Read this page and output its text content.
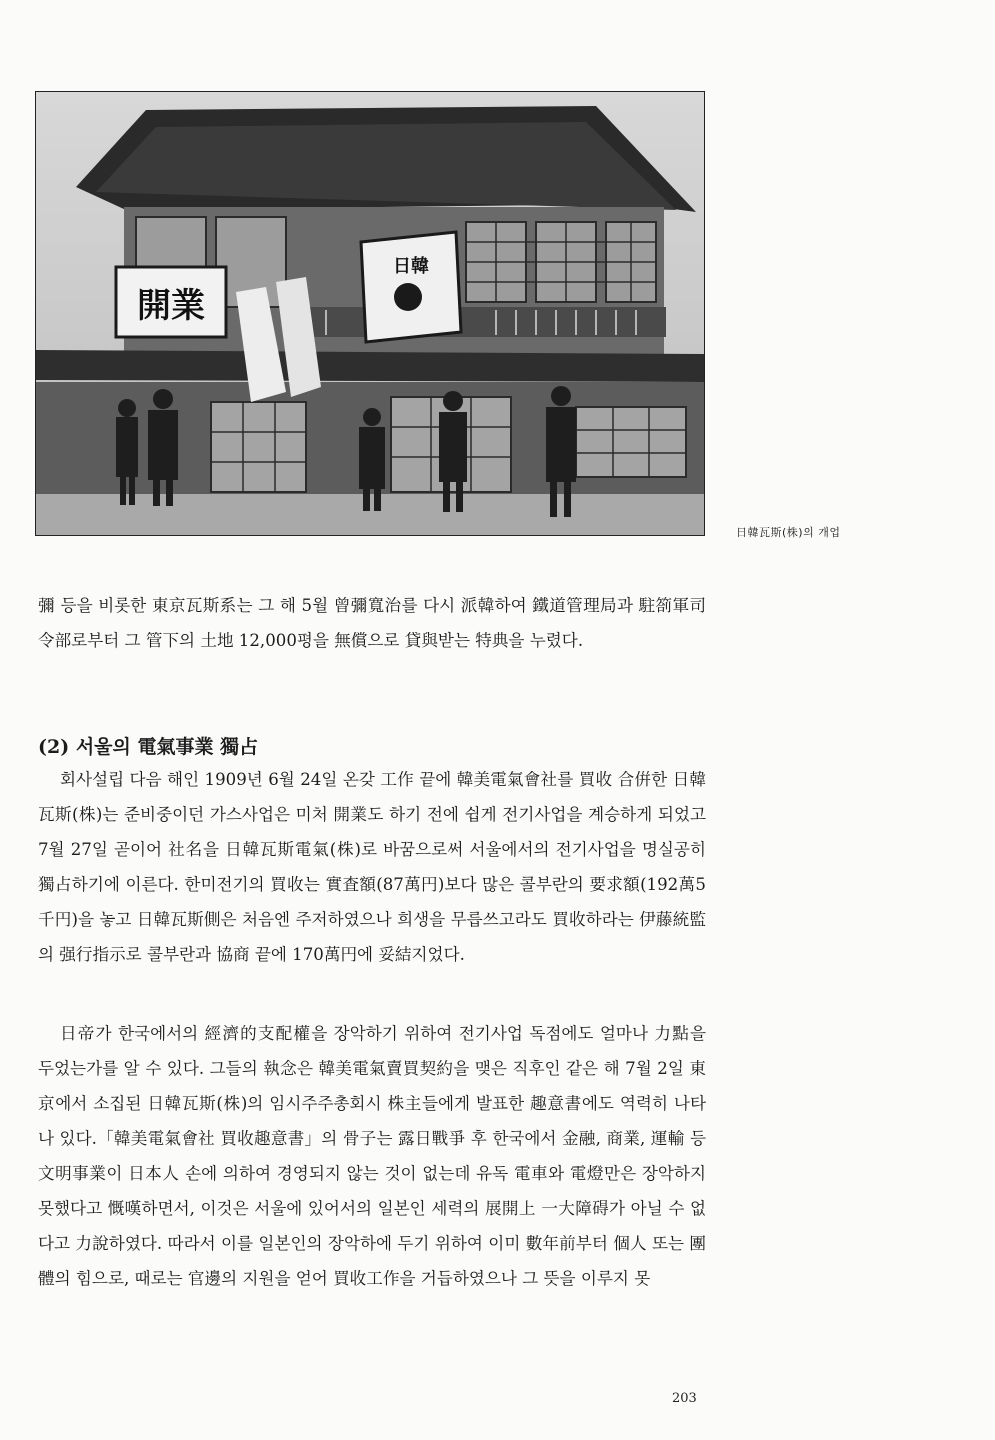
開業
日韓
日韓瓦斯(株)의 개업

彌 등을 비롯한 東京瓦斯系는 그 해 5월 曾彌寬治를 다시 派韓하여 鐵道管理局과 駐箚軍司令部로부터 그 管下의 土地 12,000평을 無償으로 貸與받는 特典을 누렸다.

(2) 서울의 電氣事業 獨占

회사설립 다음 해인 1909년 6월 24일 온갖 工作 끝에 韓美電氣會社를 買收 合倂한 日韓瓦斯(株)는 준비중이던 가스사업은 미처 開業도 하기 전에 쉽게 전기사업을 계승하게 되었고 7월 27일 곧이어 社名을 日韓瓦斯電氣(株)로 바꿈으로써 서울에서의 전기사업을 명실공히 獨占하기에 이른다. 한미전기의 買收는 實査額(87萬円)보다 많은 콜부란의 要求額(192萬5千円)을 놓고 日韓瓦斯側은 처음엔 주저하였으나 희생을 무릅쓰고라도 買收하라는 伊藤統監의 强行指示로 콜부란과 協商 끝에 170萬円에 妥結지었다.

日帝가 한국에서의 經濟的支配權을 장악하기 위하여 전기사업 독점에도 얼마나 力點을 두었는가를 알 수 있다. 그들의 執念은 韓美電氣賣買契約을 맺은 직후인 같은 해 7월 2일 東京에서 소집된 日韓瓦斯(株)의 임시주주총회시 株主들에게 발표한 趣意書에도 역력히 나타나 있다.「韓美電氣會社 買收趣意書」의 骨子는 露日戰爭 후 한국에서 金融, 商業, 運輸 등 文明事業이 日本人 손에 의하여 경영되지 않는 것이 없는데 유독 電車와 電燈만은 장악하지 못했다고 慨嘆하면서, 이것은 서울에 있어서의 일본인 세력의 展開上 一大障碍가 아닐 수 없다고 力說하였다. 따라서 이를 일본인의 장악하에 두기 위하여 이미 數年前부터 個人 또는 團體의 힘으로, 때로는 官邊의 지원을 얻어 買收工作을 거듭하였으나 그 뜻을 이루지 못

203
